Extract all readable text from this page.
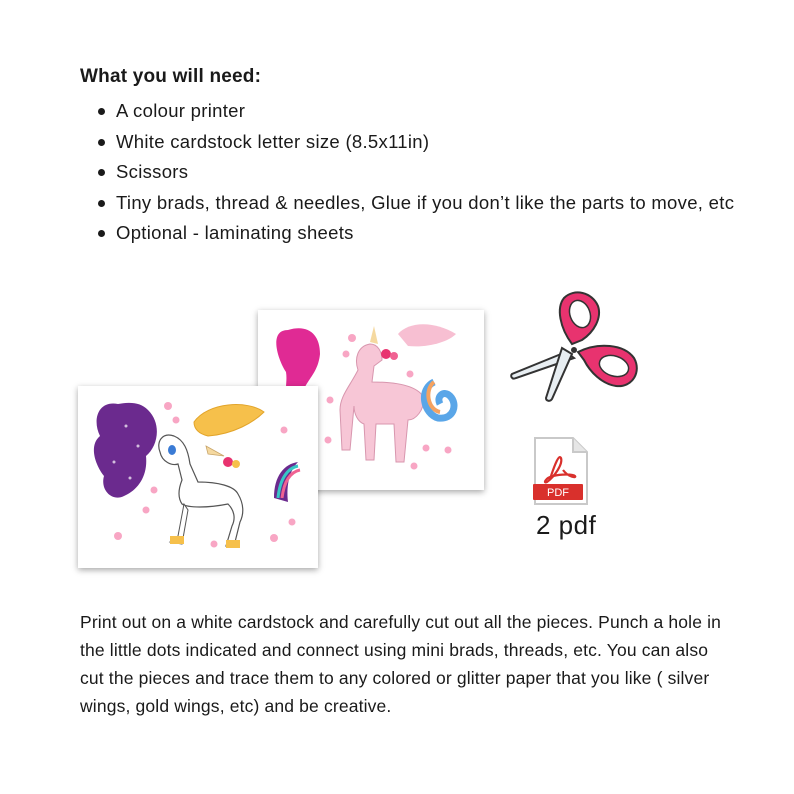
What you will need:
A colour printer
White cardstock letter size (8.5x11in)
Scissors
Tiny brads, thread & needles, Glue if you don’t like the parts to move, etc
Optional - laminating sheets
PDF
2 pdf

Print out on a white cardstock and carefully cut out all the pieces. Punch a hole in the little dots indicated and connect using mini brads, threads, etc. You can also cut the pieces and trace them to any colored or glitter paper that you like ( silver wings, gold wings, etc) and be creative.
